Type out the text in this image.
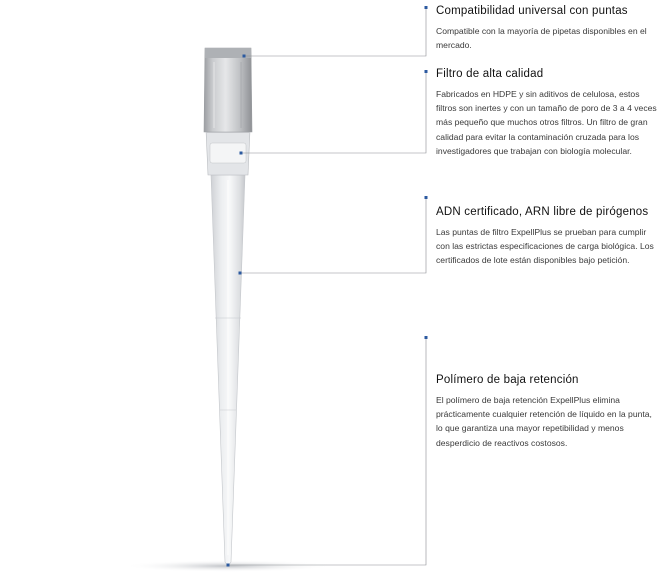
Compatibilidad universal con puntas

Compatible con la mayoría de pipetas disponibles en el mercado.

Filtro de alta calidad

Fabricados en HDPE y sin aditivos de celulosa, estos filtros son inertes y con un tamaño de poro de 3 a 4 veces más pequeño que muchos otros filtros. Un filtro de gran calidad para evitar la contaminación cruzada para los investigadores que trabajan con biología molecular.

ADN certificado, ARN libre de pirógenos

Las puntas de filtro ExpellPlus se prueban para cumplir con las estrictas especificaciones de carga biológica. Los certificados de lote están disponibles bajo petición.

Polímero de baja retención

El polímero de baja retención ExpellPlus elimina prácticamente cualquier retención de líquido en la punta, lo que garantiza una mayor repetibilidad y menos desperdicio de reactivos costosos.
